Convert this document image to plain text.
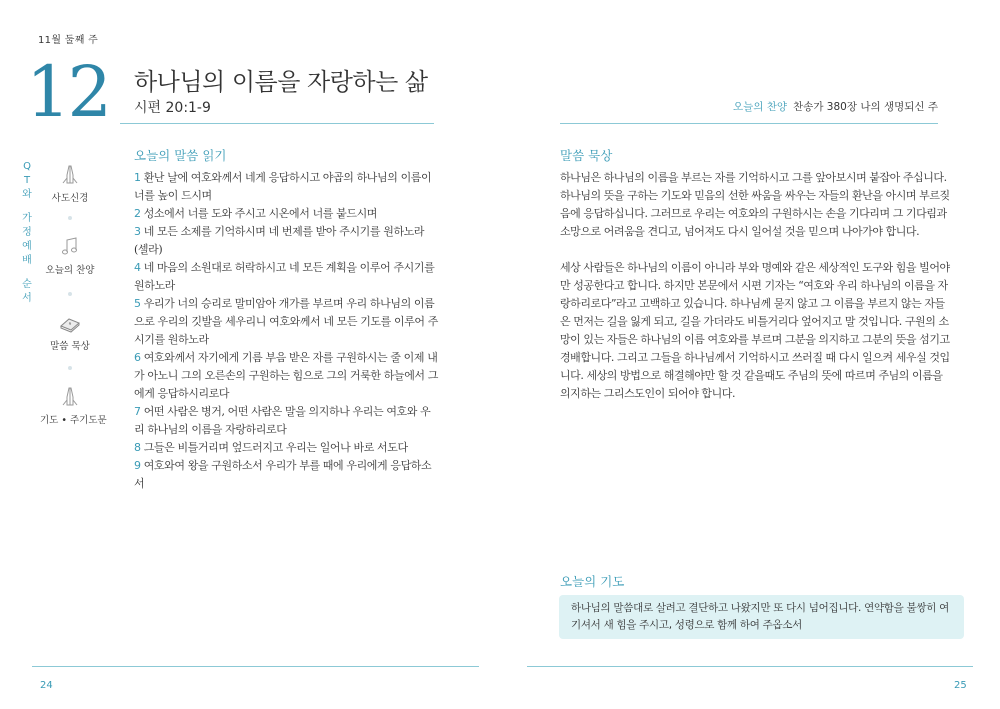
11월 둘째 주
12 하나님의 이름을 자랑하는 삶
시편 20:1-9	오늘의 찬양 찬송가 380장 나의 생명되신 주
Q
T
와
가
정
예
배
순
서
사도신경
오늘의 찬양
말씀 묵상
기도 • 주기도문
오늘의 말씀 읽기
1 환난 날에 여호와께서 네게 응답하시고 야곱의 하나님의 이름이 너를 높이 드시며
2 성소에서 너를 도와 주시고 시온에서 너를 붙드시며
3 네 모든 소제를 기억하시며 네 번제를 받아 주시기를 원하노라 (셀라)
4 네 마음의 소원대로 허락하시고 네 모든 계획을 이루어 주시기를 원하노라
5 우리가 너의 승리로 말미암아 개가를 부르며 우리 하나님의 이름으로 우리의 깃발을 세우리니 여호와께서 네 모든 기도를 이루어 주시기를 원하노라
6 여호와께서 자기에게 기름 부음 받은 자를 구원하시는 줄 이제 내가 아노니 그의 오른손의 구원하는 힘으로 그의 거룩한 하늘에서 그에게 응답하시리로다
7 어떤 사람은 병거, 어떤 사람은 말을 의지하나 우리는 여호와 우리 하나님의 이름을 자랑하리로다
8 그들은 비틀거리며 엎드러지고 우리는 일어나 바로 서도다
9 여호와여 왕을 구원하소서 우리가 부를 때에 우리에게 응답하소서
말씀 묵상

하나님은 하나님의 이름을 부르는 자를 기억하시고 그를 앞아보시며 붙잡아 주십니다. 하나님의 뜻을 구하는 기도와 믿음의 선한 싸움을 싸우는 자들의 환난을 아시며 부르짖음에 응답하십니다. 그러므로 우리는 여호와의 구원하시는 손을 기다리며 그 기다림과 소망으로 어려움을 견디고, 넘어져도 다시 일어설 것을 믿으며 나아가야 합니다.

세상 사람들은 하나님의 이름이 아니라 부와 명예와 같은 세상적인 도구와 힘을 빌어야만 성공한다고 합니다. 하지만 본문에서 시편 기자는 “여호와 우리 하나님의 이름을 자랑하리로다”라고 고백하고 있습니다. 하나님께 묻지 않고 그 이름을 부르지 않는 자들은 먼저는 길을 잃게 되고, 길을 가더라도 비틀거리다 엎어지고 말 것입니다. 구원의 소망이 있는 자들은 하나님의 이름 여호와를 부르며 그분을 의지하고 그분의 뜻을 섬기고 경배합니다. 그리고 그들을 하나님께서 기억하시고 쓰러질 때 다시 일으켜 세우실 것입니다. 세상의 방법으로 해결해야만 할 것 같을때도 주님의 뜻에 따르며 주님의 이름을 의지하는 그리스도인이 되어야 합니다.

오늘의 기도
하나님의 말씀대로 살려고 결단하고 나왔지만 또 다시 넘어집니다. 연약함을 불쌍히 여기셔서 새 힘을 주시고, 성령으로 함께 하여 주옵소서
24	25
